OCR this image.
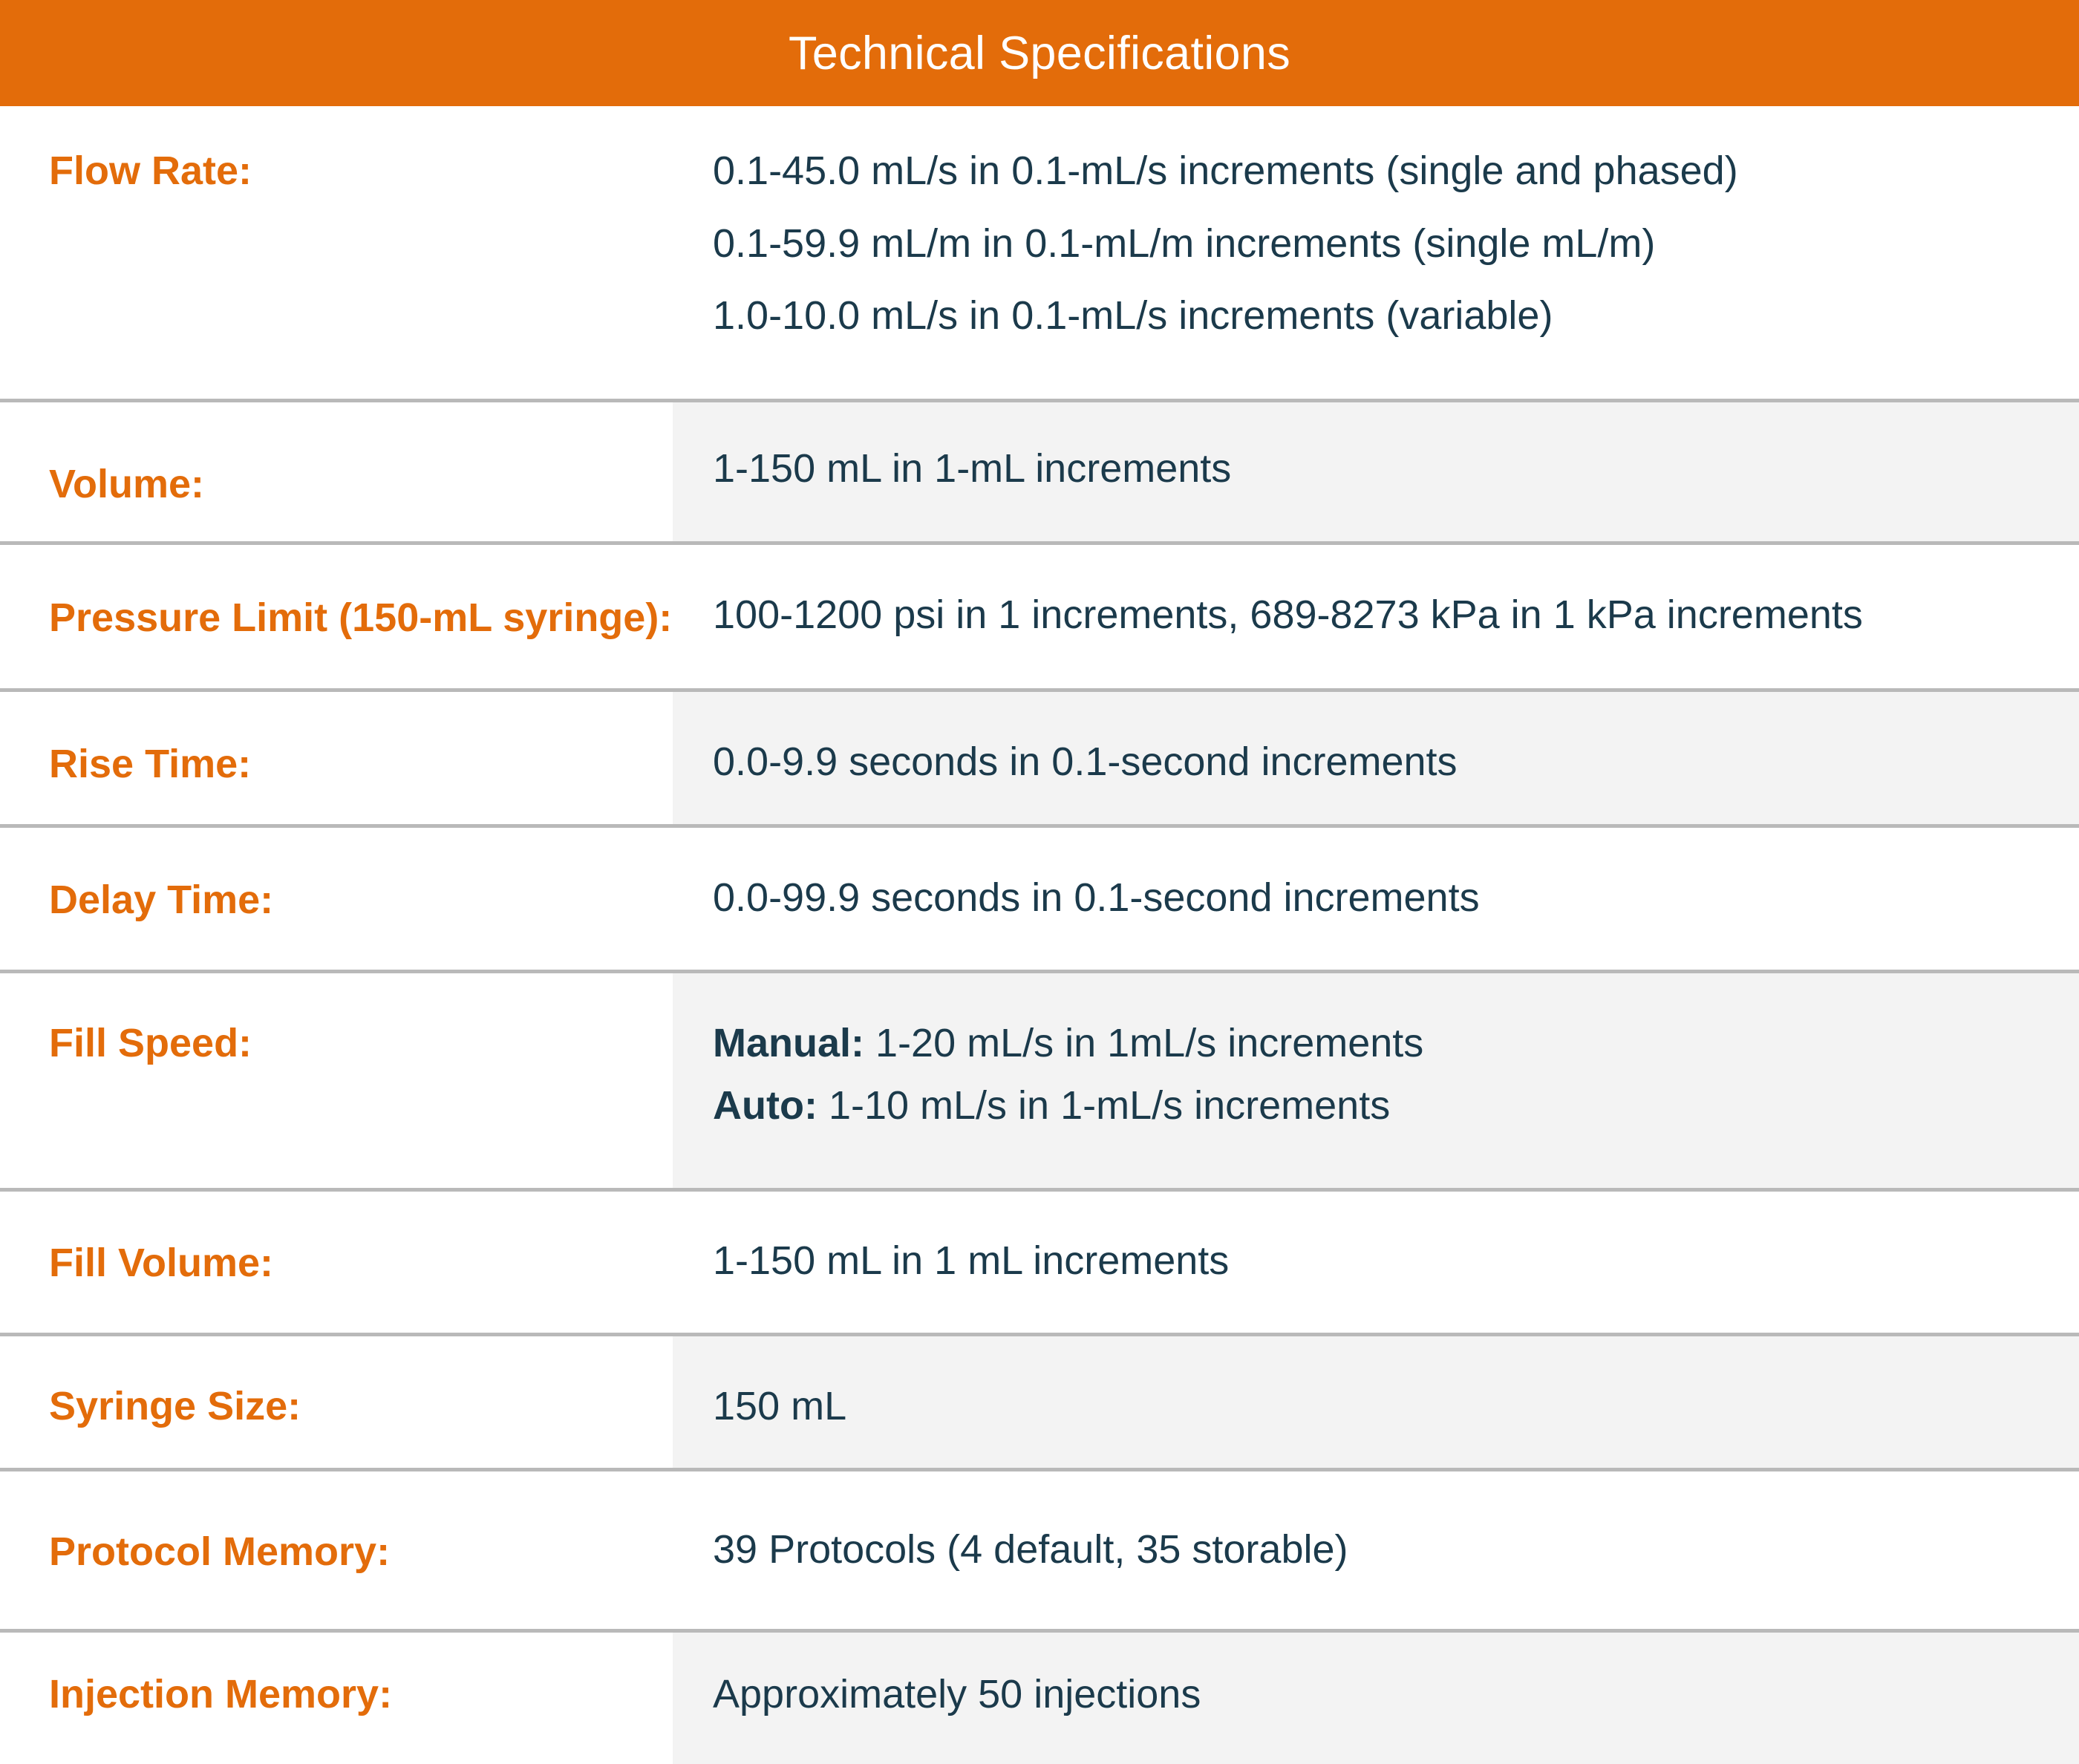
Technical Specifications
Flow Rate:	0.1-45.0 mL/s in 0.1-mL/s increments (single and phased)
0.1-59.9 mL/m in 0.1-mL/m increments (single mL/m)
1.0-10.0 mL/s in 0.1-mL/s increments (variable)
Volume:	1-150 mL in 1-mL increments
Pressure Limit (150-mL syringe): 100-1200 psi in 1 increments, 689-8273 kPa in 1 kPa increments
Rise Time:	0.0-9.9 seconds in 0.1-second increments
Delay Time:	0.0-99.9 seconds in 0.1-second increments
Fill Speed:	Manual: 1-20 mL/s in 1mL/s increments
Auto: 1-10 mL/s in 1-mL/s increments
Fill Volume:	1-150 mL in 1 mL increments
Syringe Size:	150 mL
Protocol Memory:	39 Protocols (4 default, 35 storable)
Injection Memory:	Approximately 50 injections
